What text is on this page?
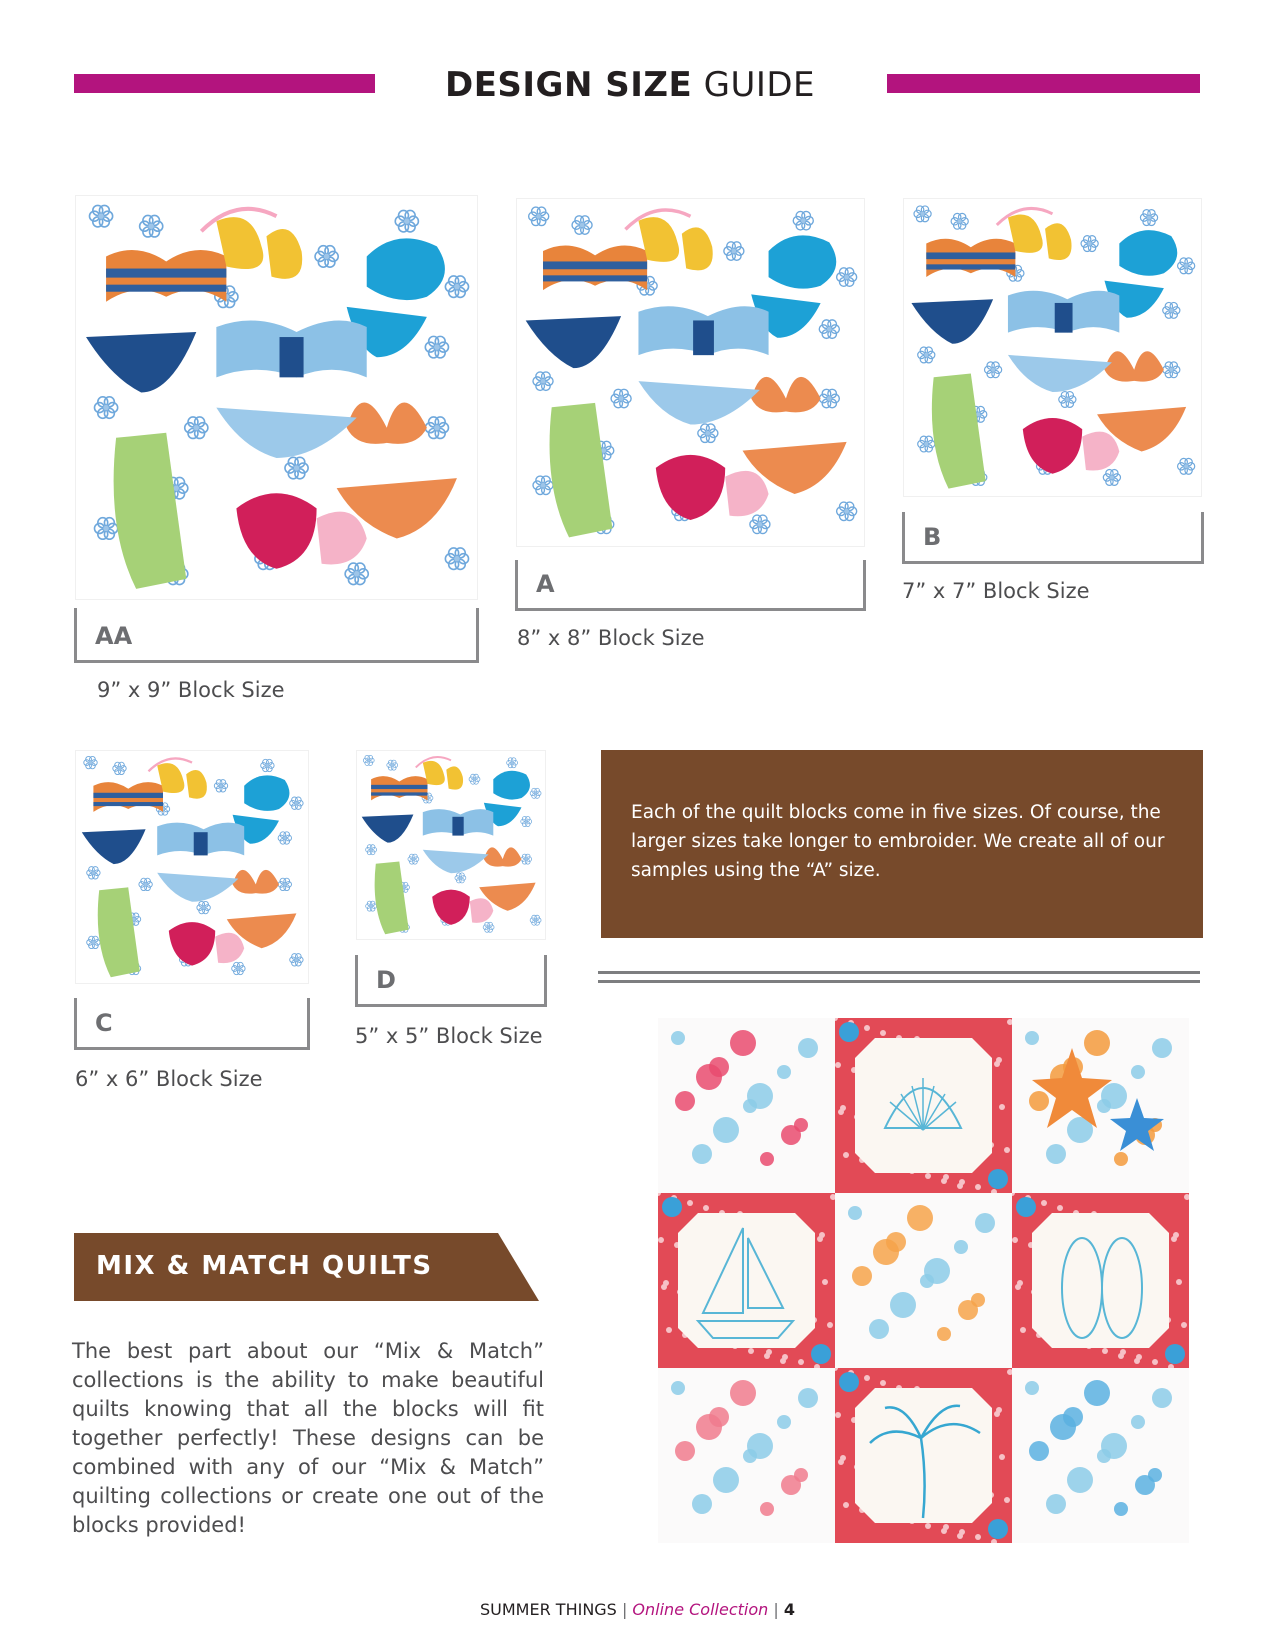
DESIGN SIZE GUIDE
AA
9” x 9” Block Size
A
8” x 8” Block Size
B
7” x 7” Block Size
C
6” x 6” Block Size
D
5” x 5” Block Size

Each of the quilt blocks come in five sizes. Of course, the larger sizes take longer to embroider. We create all of our samples using the “A” size.

MIX & MATCH QUILTS

The best part about our “Mix & Match” collections is the ability to make beautiful quilts knowing that all the blocks will fit together perfectly! These designs can be combined with any of our “Mix & Match” quilting collections or create one out of the blocks provided!

SUMMER THINGS | Online Collection | 4
